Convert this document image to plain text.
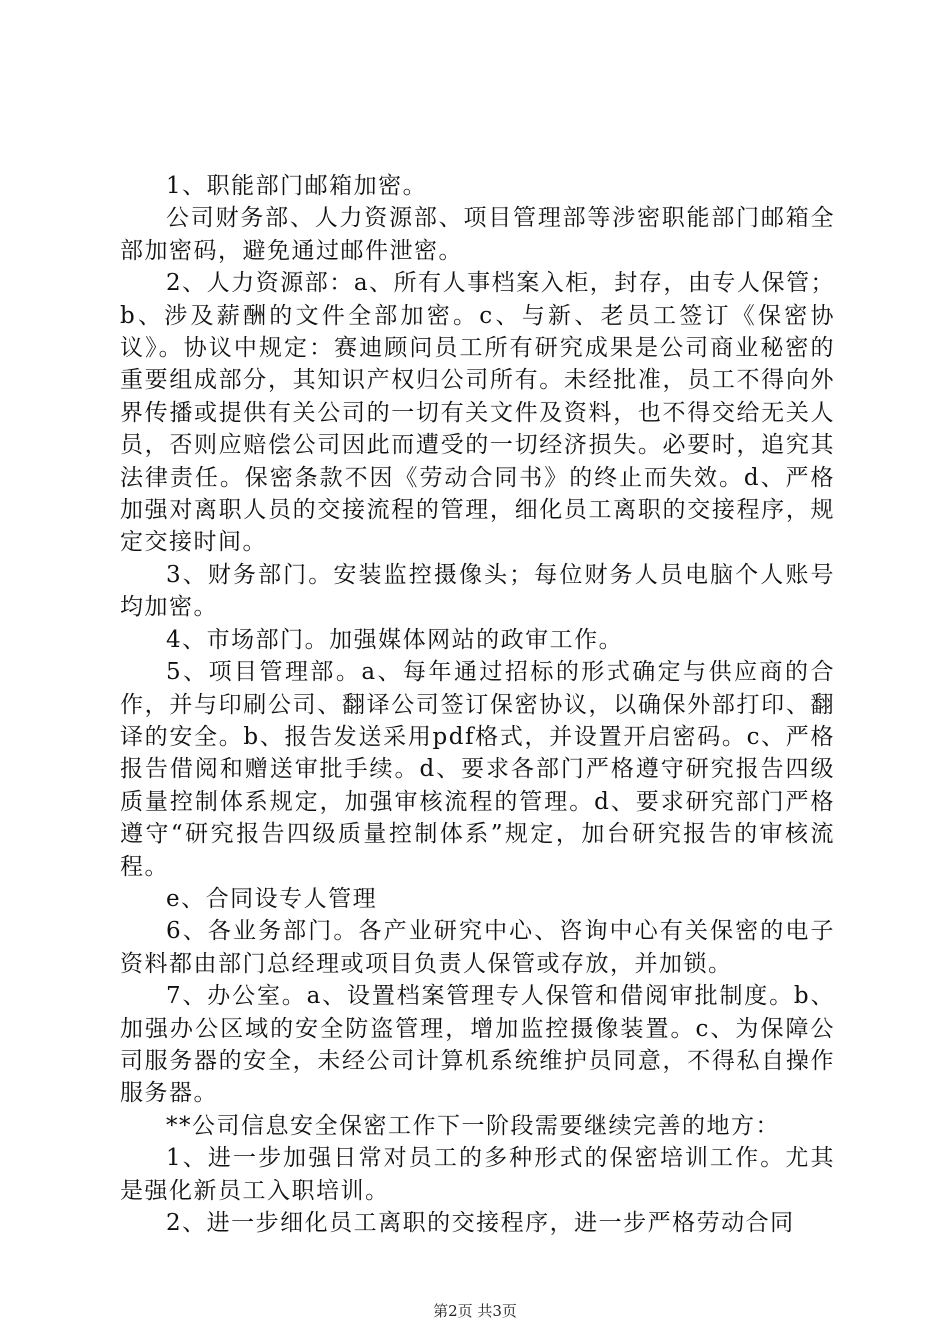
1、职能部门邮箱加密。

公司财务部、人力资源部、项目管理部等涉密职能部门邮箱全部加密码，避免通过邮件泄密。

2、人力资源部：a、所有人事档案入柜，封存，由专人保管；b、涉及薪酬的文件全部加密。c、与新、老员工签订《保密协议》。协议中规定：赛迪顾问员工所有研究成果是公司商业秘密的重要组成部分，其知识产权归公司所有。未经批准，员工不得向外界传播或提供有关公司的一切有关文件及资料，也不得交给无关人员，否则应赔偿公司因此而遭受的一切经济损失。必要时，追究其法律责任。保密条款不因《劳动合同书》的终止而失效。d、严格加强对离职人员的交接流程的管理，细化员工离职的交接程序，规定交接时间。

3、财务部门。安装监控摄像头；每位财务人员电脑个人账号均加密。

4、市场部门。加强媒体网站的政审工作。

5、项目管理部。a、每年通过招标的形式确定与供应商的合作，并与印刷公司、翻译公司签订保密协议，以确保外部打印、翻译的安全。b、报告发送采用pdf格式，并设置开启密码。c、严格报告借阅和赠送审批手续。d、要求各部门严格遵守研究报告四级质量控制体系规定，加强审核流程的管理。d、要求研究部门严格遵守“研究报告四级质量控制体系”规定，加台研究报告的审核流程。

e、合同设专人管理

6、各业务部门。各产业研究中心、咨询中心有关保密的电子资料都由部门总经理或项目负责人保管或存放，并加锁。

7、办公室。a、设置档案管理专人保管和借阅审批制度。b、加强办公区域的安全防盗管理，增加监控摄像装置。c、为保障公司服务器的安全，未经公司计算机系统维护员同意，不得私自操作服务器。

**公司信息安全保密工作下一阶段需要继续完善的地方：

1、进一步加强日常对员工的多种形式的保密培训工作。尤其是强化新员工入职培训。

2、进一步细化员工离职的交接程序，进一步严格劳动合同

第2页 共3页
